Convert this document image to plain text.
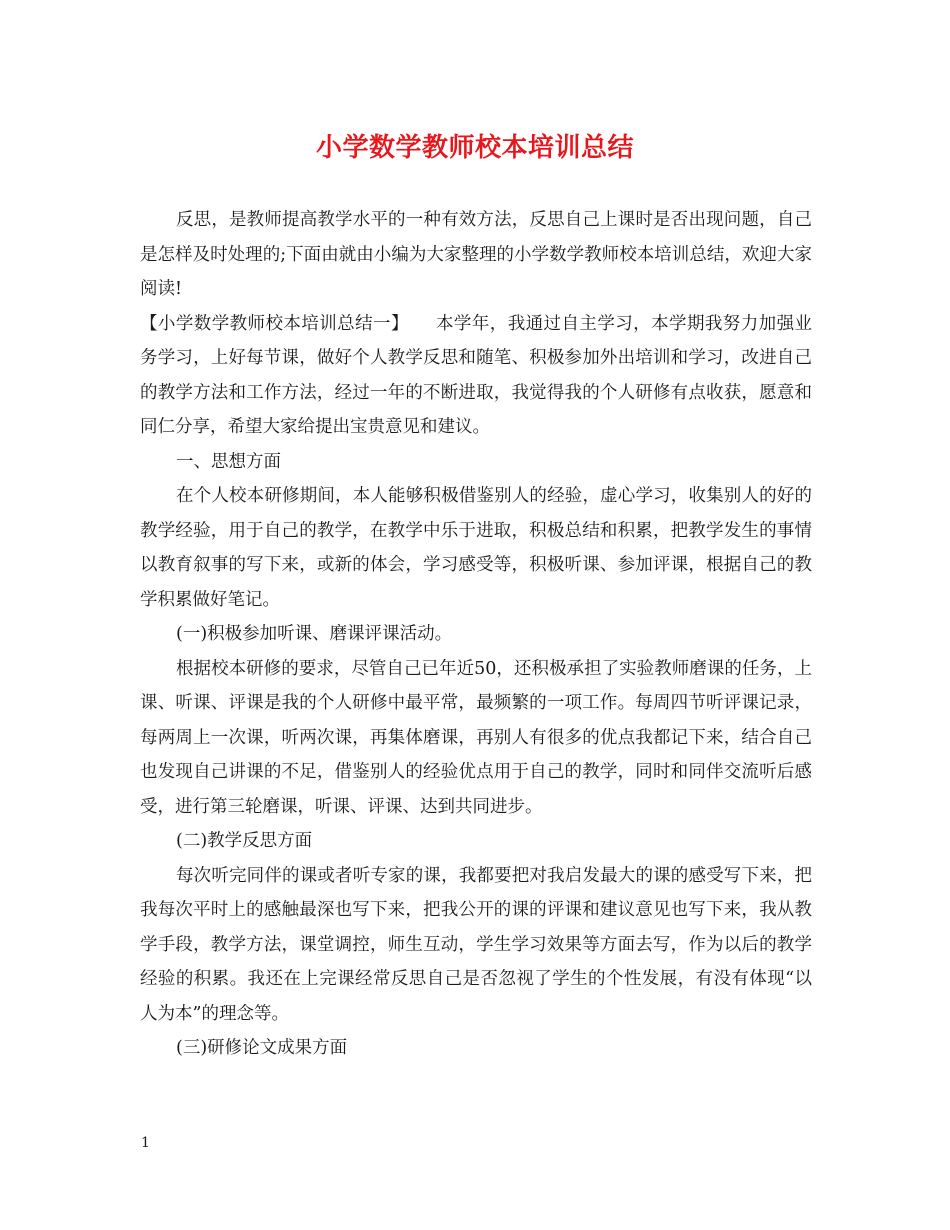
小学数学教师校本培训总结

反思，是教师提高教学水平的一种有效方法，反思自己上课时是否出现问题，自己是怎样及时处理的;下面由就由小编为大家整理的小学数学教师校本培训总结，欢迎大家阅读!

【小学数学教师校本培训总结一】　　本学年，我通过自主学习，本学期我努力加强业务学习，上好每节课，做好个人教学反思和随笔、积极参加外出培训和学习，改进自己的教学方法和工作方法，经过一年的不断进取，我觉得我的个人研修有点收获，愿意和同仁分享，希望大家给提出宝贵意见和建议。

一、思想方面

在个人校本研修期间，本人能够积极借鉴别人的经验，虚心学习，收集别人的好的教学经验，用于自己的教学，在教学中乐于进取，积极总结和积累，把教学发生的事情以教育叙事的写下来，或新的体会，学习感受等，积极听课、参加评课，根据自己的教学积累做好笔记。

(一)积极参加听课、磨课评课活动。

根据校本研修的要求，尽管自己已年近50，还积极承担了实验教师磨课的任务，上课、听课、评课是我的个人研修中最平常，最频繁的一项工作。每周四节听评课记录，每两周上一次课，听两次课，再集体磨课，再别人有很多的优点我都记下来，结合自己也发现自己讲课的不足，借鉴别人的经验优点用于自己的教学，同时和同伴交流听后感受，进行第三轮磨课，听课、评课、达到共同进步。

(二)教学反思方面

每次听完同伴的课或者听专家的课，我都要把对我启发最大的课的感受写下来，把我每次平时上的感触最深也写下来，把我公开的课的评课和建议意见也写下来，我从教学手段，教学方法，课堂调控，师生互动，学生学习效果等方面去写，作为以后的教学经验的积累。我还在上完课经常反思自己是否忽视了学生的个性发展，有没有体现“以人为本”的理念等。

(三)研修论文成果方面

1
